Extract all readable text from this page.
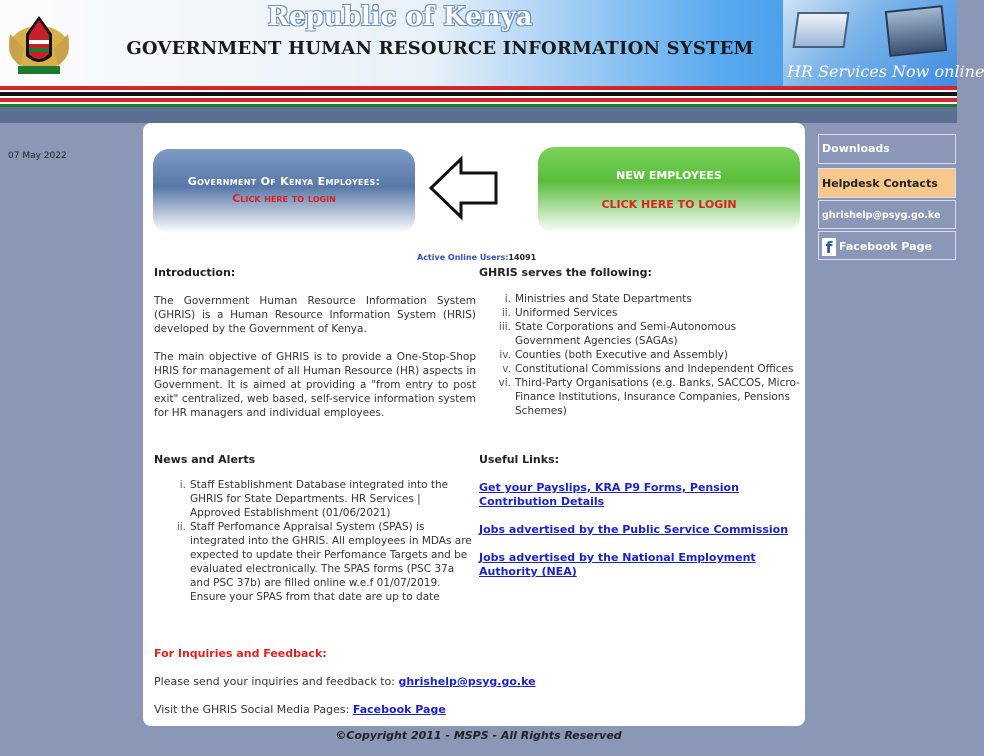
Republic of Kenya
GOVERNMENT HUMAN RESOURCE INFORMATION SYSTEM
HR Services Now online
07 May 2022
Government Of Kenya Employees:
Click here to login
NEW EMPLOYEES
CLICK HERE TO LOGIN
Active Online Users:14091
Introduction:
The Government Human Resource Information System (GHRIS) is a Human Resource Information System (HRIS) developed by the Government of Kenya.
The main objective of GHRIS is to provide a One-Stop-Shop HRIS for management of all Human Resource (HR) aspects in Government. It is aimed at providing a "from entry to post exit" centralized, web based, self-service information system for HR managers and individual employees.
GHRIS serves the following:
i. Ministries and State Departments
ii. Uniformed Services
iii. State Corporations and Semi-Autonomous Government Agencies (SAGAs)
iv. Counties (both Executive and Assembly)
v. Constitutional Commissions and Independent Offices
vi. Third-Party Organisations (e.g. Banks, SACCOS, Micro-Finance Institutions, Insurance Companies, Pensions Schemes)
News and Alerts
i. Staff Establishment Database integrated into the GHRIS for State Departments. HR Services | Approved Establishment (01/06/2021)
ii. Staff Perfomance Appraisal System (SPAS) is integrated into the GHRIS. All employees in MDAs are expected to update their Perfomance Targets and be evaluated electronically. The SPAS forms (PSC 37a and PSC 37b) are filled online w.e.f 01/07/2019. Ensure your SPAS from that date are up to date
Useful Links:
Get your Payslips, KRA P9 Forms, Pension Contribution Details
Jobs advertised by the Public Service Commission
Jobs advertised by the National Employment Authority (NEA)
For Inquiries and Feedback:
Please send your inquiries and feedback to: ghrishelp@psyg.go.ke
Visit the GHRIS Social Media Pages: Facebook Page
Downloads
Helpdesk Contacts
ghrishelp@psyg.go.ke
f Facebook Page
©Copyright 2011 - MSPS - All Rights Reserved
